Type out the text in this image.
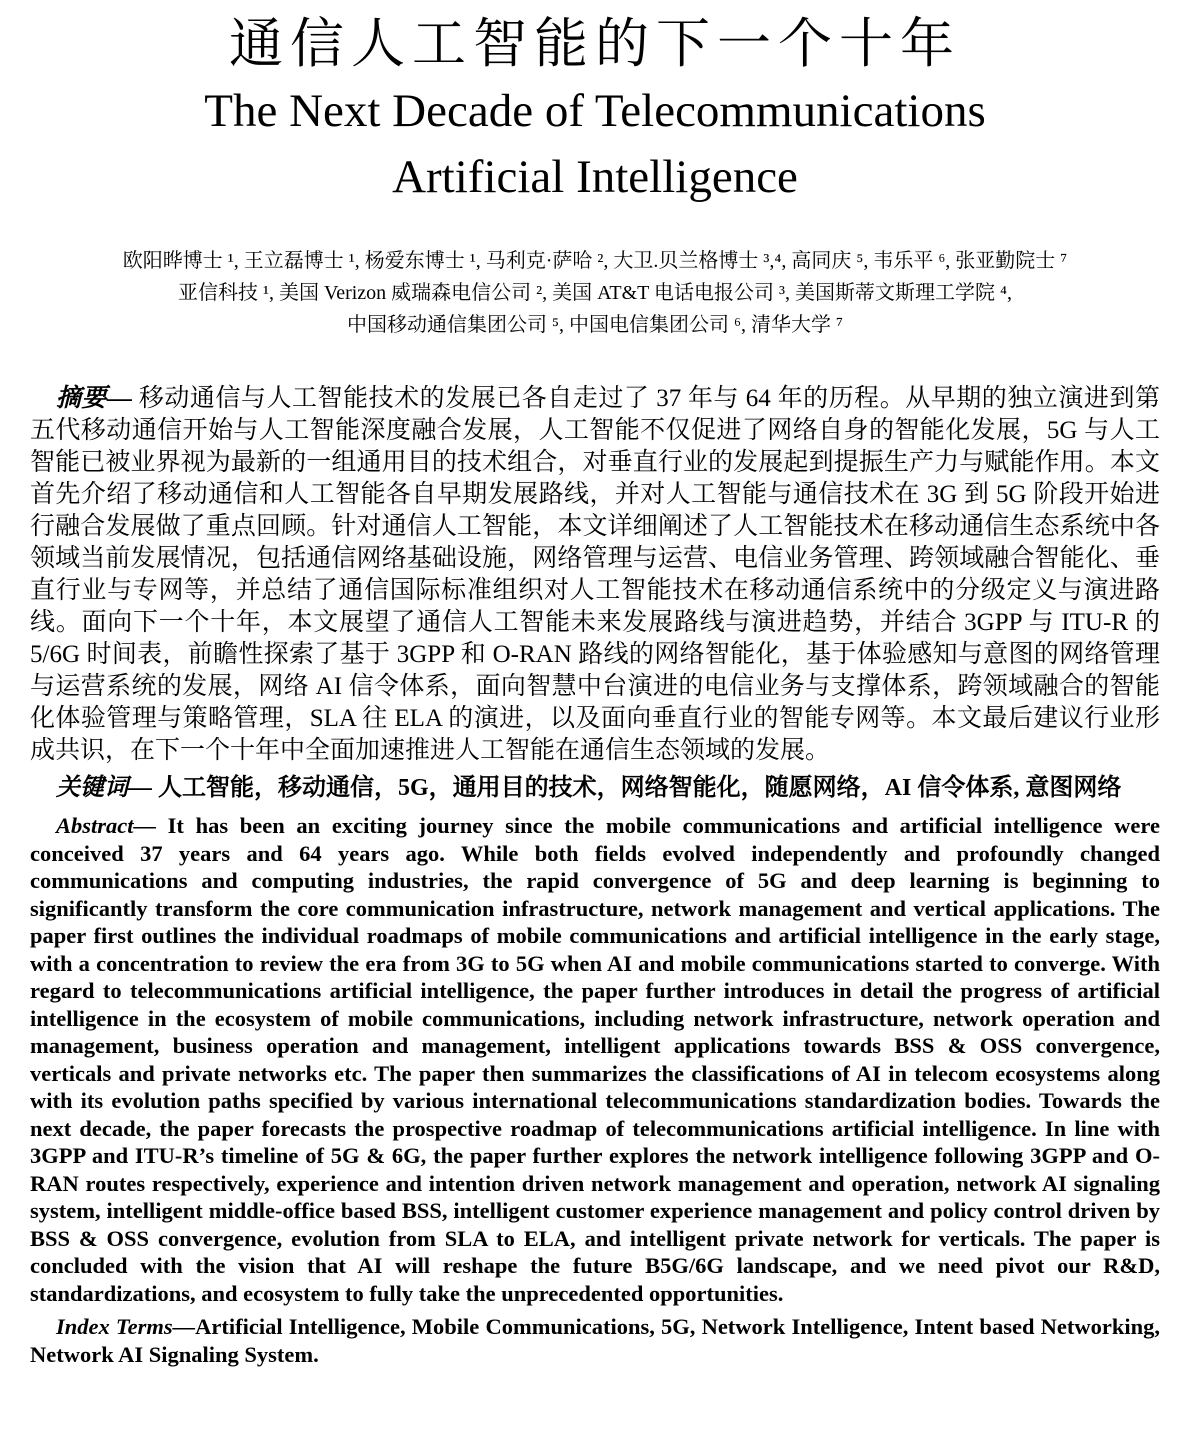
通信人工智能的下一个十年
The Next Decade of Telecommunications
Artificial Intelligence
欧阳晔博士 ¹, 王立磊博士 ¹, 杨爱东博士 ¹, 马利克·萨哈 ², 大卫.贝兰格博士 ³,⁴, 高同庆 ⁵, 韦乐平 ⁶, 张亚勤院士 ⁷
亚信科技 ¹, 美国 Verizon 威瑞森电信公司 ², 美国 AT&T 电话电报公司 ³, 美国斯蒂文斯理工学院 ⁴,
中国移动通信集团公司 ⁵, 中国电信集团公司 ⁶, 清华大学 ⁷

摘要— 移动通信与人工智能技术的发展已各自走过了 37 年与 64 年的历程。从早期的独立演进到第五代移动通信开始与人工智能深度融合发展，人工智能不仅促进了网络自身的智能化发展，5G 与人工智能已被业界视为最新的一组通用目的技术组合，对垂直行业的发展起到提振生产力与赋能作用。本文首先介绍了移动通信和人工智能各自早期发展路线，并对人工智能与通信技术在 3G 到 5G 阶段开始进行融合发展做了重点回顾。针对通信人工智能，本文详细阐述了人工智能技术在移动通信生态系统中各领域当前发展情况，包括通信网络基础设施，网络管理与运营、电信业务管理、跨领域融合智能化、垂直行业与专网等，并总结了通信国际标准组织对人工智能技术在移动通信系统中的分级定义与演进路线。面向下一个十年，本文展望了通信人工智能未来发展路线与演进趋势，并结合 3GPP 与 ITU-R 的 5/6G 时间表，前瞻性探索了基于 3GPP 和 O-RAN 路线的网络智能化，基于体验感知与意图的网络管理与运营系统的发展，网络 AI 信令体系，面向智慧中台演进的电信业务与支撑体系，跨领域融合的智能化体验管理与策略管理，SLA 往 ELA 的演进，以及面向垂直行业的智能专网等。本文最后建议行业形成共识，在下一个十年中全面加速推进人工智能在通信生态领域的发展。

关键词— 人工智能，移动通信，5G，通用目的技术，网络智能化，随愿网络，AI 信令体系, 意图网络

Abstract— It has been an exciting journey since the mobile communications and artificial intelligence were conceived 37 years and 64 years ago. While both fields evolved independently and profoundly changed communications and computing industries, the rapid convergence of 5G and deep learning is beginning to significantly transform the core communication infrastructure, network management and vertical applications. The paper first outlines the individual roadmaps of mobile communications and artificial intelligence in the early stage, with a concentration to review the era from 3G to 5G when AI and mobile communications started to converge. With regard to telecommunications artificial intelligence, the paper further introduces in detail the progress of artificial intelligence in the ecosystem of mobile communications, including network infrastructure, network operation and management, business operation and management, intelligent applications towards BSS & OSS convergence, verticals and private networks etc. The paper then summarizes the classifications of AI in telecom ecosystems along with its evolution paths specified by various international telecommunications standardization bodies. Towards the next decade, the paper forecasts the prospective roadmap of telecommunications artificial intelligence. In line with 3GPP and ITU-R’s timeline of 5G & 6G, the paper further explores the network intelligence following 3GPP and O-RAN routes respectively, experience and intention driven network management and operation, network AI signaling system, intelligent middle-office based BSS, intelligent customer experience management and policy control driven by BSS & OSS convergence, evolution from SLA to ELA, and intelligent private network for verticals. The paper is concluded with the vision that AI will reshape the future B5G/6G landscape, and we need pivot our R&D, standardizations, and ecosystem to fully take the unprecedented opportunities.

Index Terms—Artificial Intelligence, Mobile Communications, 5G, Network Intelligence, Intent based Networking, Network AI Signaling System.
